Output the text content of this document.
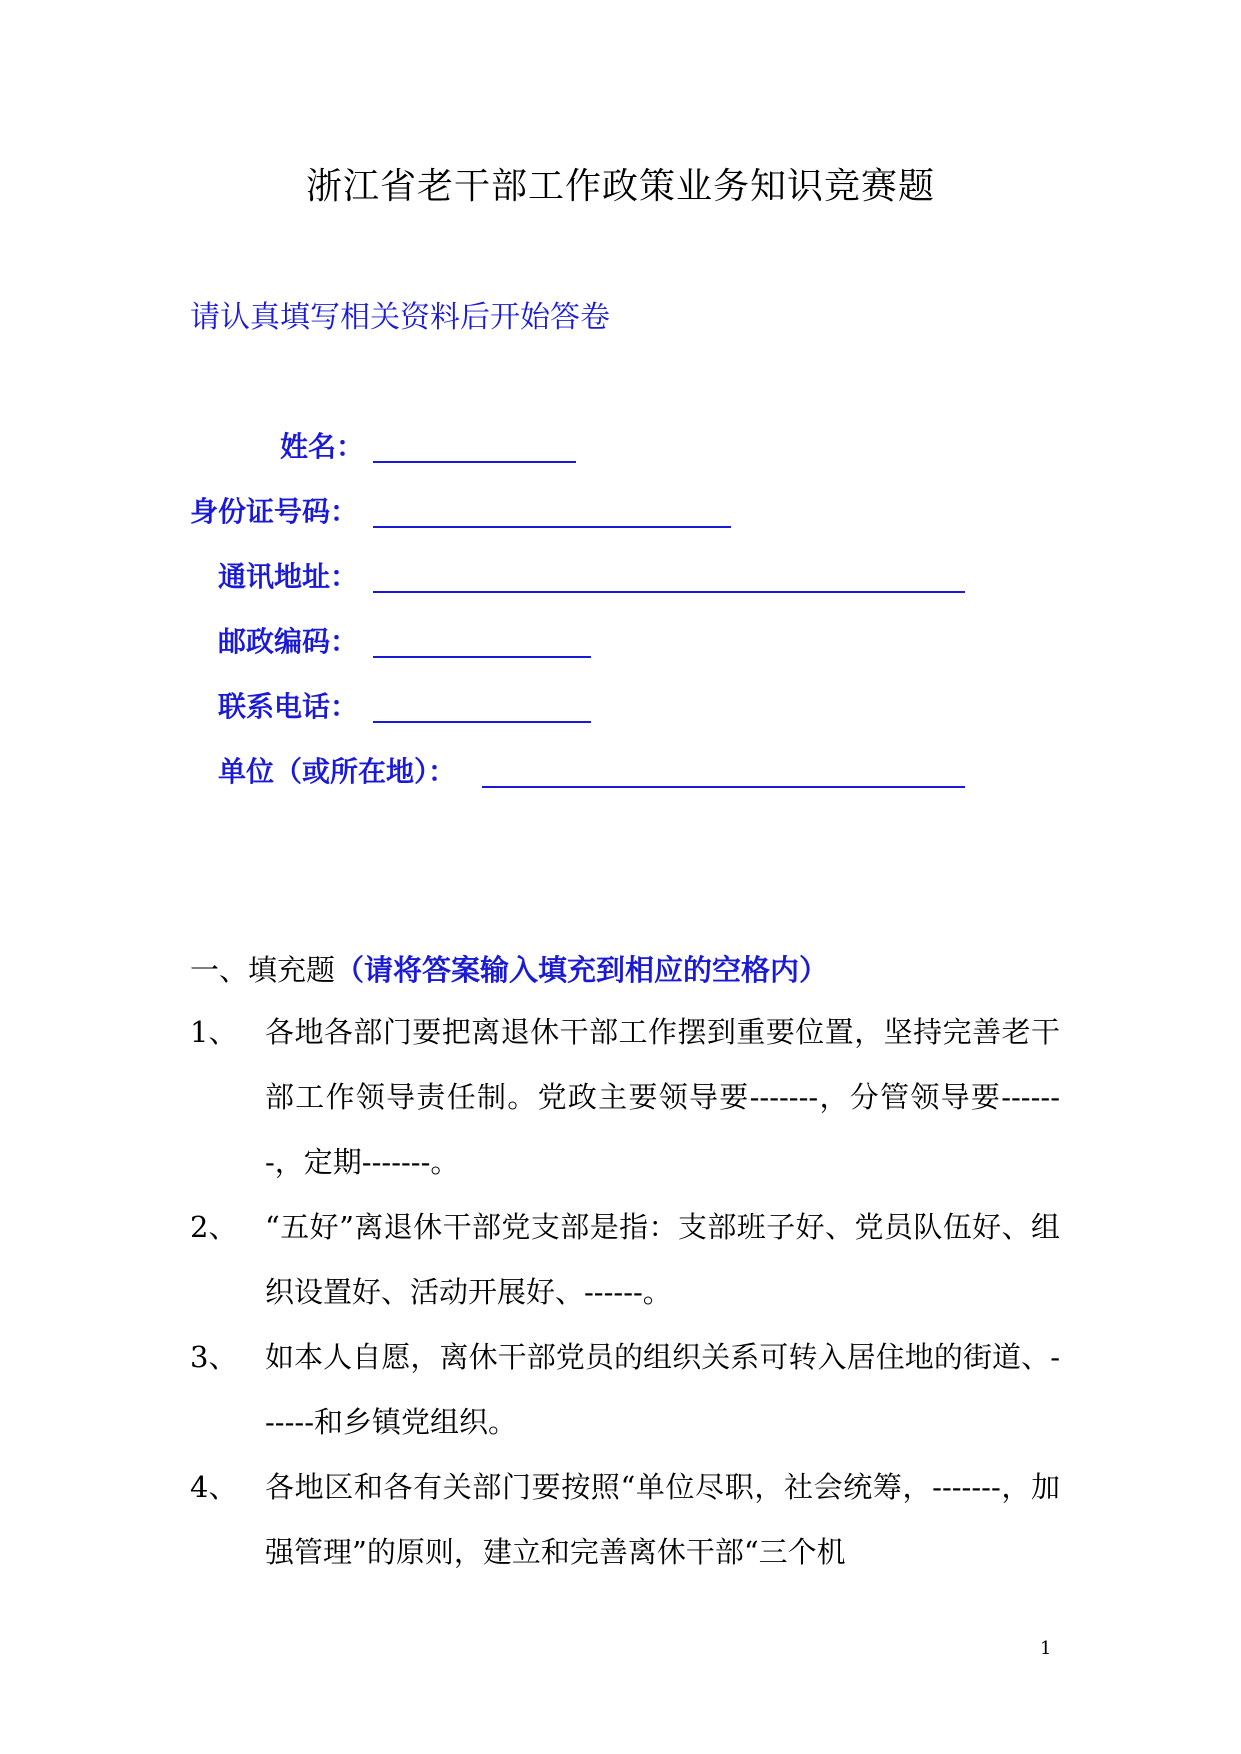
浙江省老干部工作政策业务知识竞赛题
请认真填写相关资料后开始答卷
姓名：
身份证号码：
通讯地址：
邮政编码：
联系电话：
单位（或所在地）：
一、填充题（请将答案输入填充到相应的空格内）
1、 各地各部门要把离退休干部工作摆到重要位置，坚持完善老干部工作领导责任制。党政主要领导要-------，分管领导要-------，定期-------。
2、 “五好”离退休干部党支部是指：支部班子好、党员队伍好、组织设置好、活动开展好、------。
3、 如本人自愿，离休干部党员的组织关系可转入居住地的街道、------和乡镇党组织。
4、 各地区和各有关部门要按照“单位尽职，社会统筹，-------，加强管理”的原则，建立和完善离休干部“三个机
1
